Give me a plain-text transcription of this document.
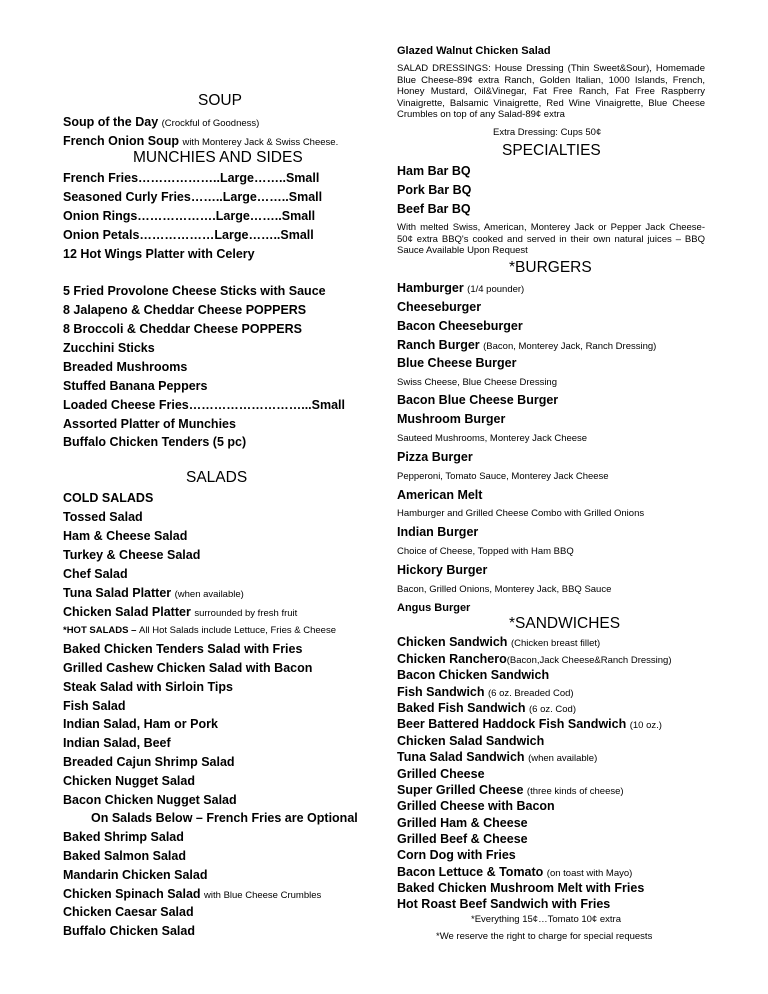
SOUP
Soup of the Day (Crockful of Goodness)
French Onion Soup with Monterey Jack & Swiss Cheese.
MUNCHIES AND SIDES
French Fries………………..Large……..Small
Seasoned Curly Fries……..Large……..Small
Onion Rings……………….Large……..Small
Onion Petals………………Large……..Small
12 Hot Wings Platter with Celery
5 Fried Provolone Cheese Sticks with Sauce
8 Jalapeno & Cheddar Cheese POPPERS
8 Broccoli & Cheddar Cheese POPPERS
Zucchini Sticks
Breaded Mushrooms
Stuffed Banana Peppers
Loaded Cheese Fries………………………...Small
Assorted Platter of Munchies
Buffalo Chicken Tenders (5 pc)
SALADS
COLD SALADS
Tossed Salad
Ham & Cheese Salad
Turkey & Cheese Salad
Chef Salad
Tuna Salad Platter (when available)
Chicken Salad Platter surrounded by fresh fruit
*HOT SALADS – All Hot Salads include Lettuce, Fries & Cheese
Baked Chicken Tenders Salad with Fries
Grilled Cashew Chicken Salad with Bacon
Steak Salad with Sirloin Tips
Fish Salad
Indian Salad, Ham or Pork
Indian Salad, Beef
Breaded Cajun Shrimp Salad
Chicken Nugget Salad
Bacon Chicken Nugget Salad
On Salads Below – French Fries are Optional
Baked Shrimp Salad
Baked Salmon Salad
Mandarin Chicken Salad
Chicken Spinach Salad with Blue Cheese Crumbles
Chicken Caesar Salad
Buffalo Chicken Salad
Glazed Walnut Chicken Salad
SALAD DRESSINGS: House Dressing (Thin Sweet&Sour), Homemade Blue Cheese-89¢ extra Ranch, Golden Italian, 1000 Islands, French, Honey Mustard, Oil&Vinegar, Fat Free Ranch, Fat Free Raspberry Vinaigrette, Balsamic Vinaigrette, Red Wine Vinaigrette, Blue Cheese Crumbles on top of any Salad-89¢ extra
Extra Dressing: Cups 50¢
SPECIALTIES
Ham Bar BQ
Pork Bar BQ
Beef Bar BQ
With melted Swiss, American, Monterey Jack or Pepper Jack Cheese-50¢ extra BBQ's cooked and served in their own natural juices – BBQ Sauce Available Upon Request
*BURGERS
Hamburger (1/4 pounder)
Cheeseburger
Bacon Cheeseburger
Ranch Burger (Bacon, Monterey Jack, Ranch Dressing)
Blue Cheese Burger
Swiss Cheese, Blue Cheese Dressing
Bacon Blue Cheese Burger
Mushroom Burger
Sauteed Mushrooms, Monterey Jack Cheese
Pizza Burger
Pepperoni, Tomato Sauce, Monterey Jack Cheese
American Melt
Hamburger and Grilled Cheese Combo with Grilled Onions
Indian Burger
Choice of Cheese, Topped with Ham BBQ
Hickory Burger
Bacon, Grilled Onions, Monterey Jack, BBQ Sauce
Angus Burger
*SANDWICHES
Chicken Sandwich (Chicken breast fillet)
Chicken Ranchero(Bacon,Jack Cheese&Ranch Dressing)
Bacon Chicken Sandwich
Fish Sandwich (6 oz. Breaded Cod)
Baked Fish Sandwich (6 oz. Cod)
Beer Battered Haddock Fish Sandwich (10 oz.)
Chicken Salad Sandwich
Tuna Salad Sandwich (when available)
Grilled Cheese
Super Grilled Cheese (three kinds of cheese)
Grilled Cheese with Bacon
Grilled Ham & Cheese
Grilled Beef & Cheese
Corn Dog with Fries
Bacon Lettuce & Tomato (on toast with Mayo)
Baked Chicken Mushroom Melt with Fries
Hot Roast Beef Sandwich with Fries
*Everything 15¢…Tomato 10¢ extra
*We reserve the right to charge for special requests
